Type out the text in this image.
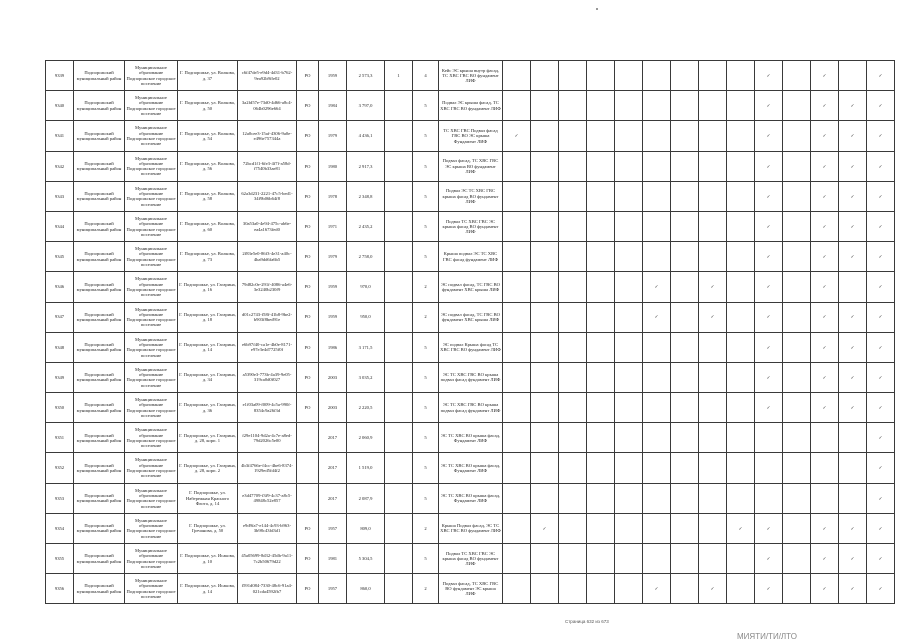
9339	Подпорожский муниципальный район	Муниципальное образование Подпорожское городское поселение	Г. Подпорожье, ул. Волкова, д. 37	c6f47de5-e9d4-4d31-b762-9ea92b9ffe02	PO	1959	2 573,3	1	4	Кейс ЭС крыша внутр фасад, ТС ХВС ГВС ВО фундамент ЛИФ										✓		✓		✓
9340	Подпорожский муниципальный район	Муниципальное образование Подпорожское городское поселение	Г. Подпорожье, ул. Волкова, д. 50	3a2fd57e-73d0-4d66-a8c4-064b0296e664	PO	1984	3 797,0		5	Подвал ЭС крыша фасад, ТС ХВС ГВС ВО фундамент ЛИФ										✓		✓	✓	✓
9341	Подпорожский муниципальный район	Муниципальное образование Подпорожское городское поселение	Г. Подпорожье, ул. Волкова, д. 54	12a0cee3-15af-4306-9a0e-e496e757344a	PO	1979	4 436,1		5	ТС ХВС ГВС Подвал фасад ГВС ВО ЭС крыша Фундамент ЛИФ	✓									✓		✓	✓	✓
9342	Подпорожский муниципальный район	Муниципальное образование Подпорожское городское поселение	Г. Подпорожье, ул. Волкова, д. 56	72bcd1f1-6fe3-4f7f-a58d-f7540b33ae81	PO	1980	2 917,3		5	Подвал фасад, ТС ХВС ГВС ЭС крыша ВО фундамент ЛИФ										✓		✓	✓	✓
9343	Подпорожский муниципальный район	Муниципальное образование Подпорожское городское поселение	Г. Подпорожье, ул. Волкова, д. 58	62a3d231-2221-47c5-bed1-34f9b06b64f8	PO	1978	2 348,8		5	Подвал ЭС ТС ХВС ГВС крыша фасад ВО фундамент ЛИФ										✓		✓	✓	✓
9344	Подпорожский муниципальный район	Муниципальное образование Подпорожское городское поселение	Г. Подпорожье, ул. Волкова, д. 60	30a53a0-4e94-475c-ab6e-ea4a1673fed0	PO	1971	2 435,2		5	Подвал ТС ХВС ГВС ЭС крыша фасад ВО фундамент ЛИФ										✓		✓	✓	✓
9345	Подпорожский муниципальный район	Муниципальное образование Подпорожское городское поселение	Г. Подпорожье, ул. Волкова, д. 73	2f83e5e0-86f3-4e31-a40c-4ba9dd6fa6b5	PO	1979	2 758,0		5	Крыша подвал ЭС ТС ХВС ГВС фасад фундамент ЛИФ										✓		✓	✓	✓
9346	Подпорожский муниципальный район	Муниципальное образование Подпорожское городское поселение	Г. Подпорожье, ул. Гагарина, д. 16	79d82c0e-291f-4086-a4e6-3e3240b230f9	PO	1959	970,0		2	ЭС подвал фасад, ТС ГВС ВО фундамент ХВС крыша ЛИФ						✓		✓		✓		✓		✓
9347	Подпорожский муниципальный район	Муниципальное образование Подпорожское городское поселение	Г. Подпорожье, ул. Гагарина, д. 18	d01c2743-f58f-41b8-9be2-b903f8bed91e	PO	1959	950,0		2	ЭС подвал фасад, ТС ГВС ВО фундамент ХВС крыша ЛИФ						✓		✓		✓		✓	✓	✓
9348	Подпорожский муниципальный район	Муниципальное образование Подпорожское городское поселение	Г. Подпорожье, ул. Гагарина, д. 14	e6b97f40-ca1e-4b0e-8171-e97e3e4d7725f0f	PO	1986	3 171,5		5	ЭС подвал Крыша фасад ТС ХВС ГВС ВО фундамент ЛИФ										✓		✓	✓	✓
9349	Подпорожский муниципальный район	Муниципальное образование Подпорожское городское поселение	Г. Подпорожье, ул. Гагарина, д. 34	a5390e3-773b-4a39-9e05-319ca0d0f027	PO	2003	3 035,2		5	ЭС ТС ХВС ГВС ВО крыша подвал фасад фундамент ЛИФ										✓		✓	✓	✓
9350	Подпорожский муниципальный район	Муниципальное образование Подпорожское городское поселение	Г. Подпорожье, ул. Гагарина, д. 36	e1f03a09-f009-4c5a-990f-8354c9a26f3d	PO	2003	2 220,5		5	ЭС ТС ХВС ГВС ВО крыша подвал фасад фундамент ЛИФ										✓		✓	✓	✓
9351	Подпорожский муниципальный район	Муниципальное образование Подпорожское городское поселение	Г. Подпорожье, ул. Гагарина, д. 28, корп. 1	f29e1104-9d2a-4c7e-a8ed-79d2026c5e00		2017	2 060,9		5	ЭС ТС ХВС ВО крыша фасад, Фундамент ЛИФ														✓
9352	Подпорожский муниципальный район	Муниципальное образование Подпорожское городское поселение	Г. Подпорожье, ул. Гагарина, д. 28, корп. 2	4b3f4766e-f4cc-4be6-8374-1929ed5fd4f2		2017	1 519,0		5	ЭС ТС ХВС ВО крыша фасад, Фундамент ЛИФ														✓
9353	Подпорожский муниципальный район	Муниципальное образование Подпорожское городское поселение	Г. Подпорожье, ул. Набережная Красного Флота, д. 14	e3d47709-f3f9-4c37-a8c5-49848c52e857		2017	2 087,9		5	ЭС ТС ХВС ВО крыша фасад, Фундамент ЛИФ														✓
9354	Подпорожский муниципальный район	Муниципальное образование Подпорожское городское поселение	Г. Подпорожье, ул. Гречанова, д. 50	e9d9fa7-e144-4c93-b963-3b98c43fd3d1	PO	1957	809,0		2	Крыша Подвал фасад, ЭС ТС ХВС ГВС ВО фундамент ЛИФ		✓							✓	✓		✓	✓	✓
9355	Подпорожский муниципальный район	Муниципальное образование Подпорожское городское поселение	Г. Подпорожье, ул. Исакова, д. 10	45a05699-8d32-45db-9a11-7c2b50679d22	PO	1981	5 304,5		5	Подвал ТС ХВС ГВС ЭС крыша фасад ВО фундамент ЛИФ										✓		✓	✓	✓
9356	Подпорожский муниципальный район	Муниципальное образование Подпорожское городское поселение	Г. Подпорожье, ул. Исакова, д. 14	f591d084-7330-48c6-91a4-021cda4592fb7	PO	1957	860,0		2	Подвал фасад, ТС ХВС ГВС ВО фундамент ЭС крыша ЛИФ						✓		✓		✓		✓	✓	✓
Страница 632 из 673
МИЯТИ/ТИ/ЛТО
